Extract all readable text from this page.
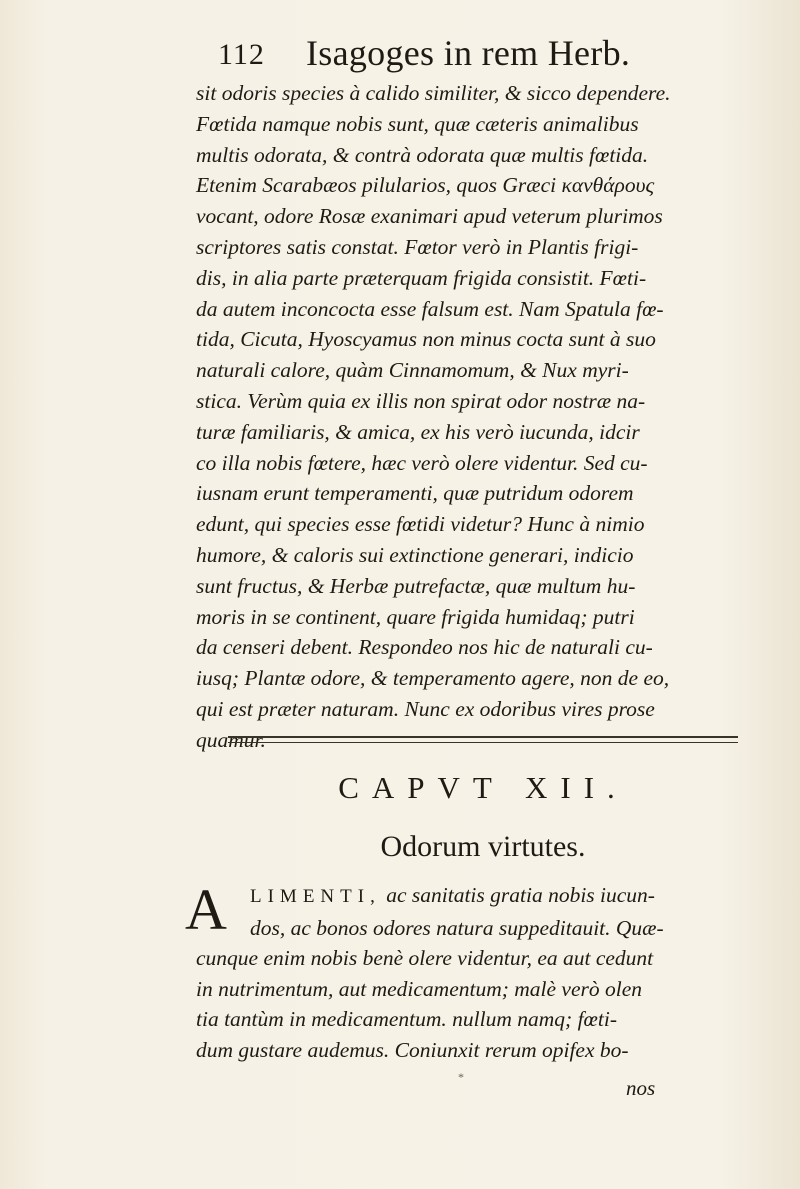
112 Isagoges in rem Herb.
sit odoris species à calido similiter, & sicco dependere.
Fœtida namque nobis sunt, quæ cæteris animalibus
multis odorata, & contrà odorata quæ multis fœtida.
Etenim Scarabæos pilularios, quos Græci κανθάρους
vocant, odore Rosæ exanimari apud veterum plurimos
scriptores satis constat. Fœtor verò in Plantis frigi-
dis, in alia parte præterquam frigida consistit. Fœti-
da autem inconcocta esse falsum est. Nam Spatula fœ-
tida, Cicuta, Hyoscyamus non minus cocta sunt à suo
naturali calore, quàm Cinnamomum, & Nux myri-
stica. Verùm quia ex illis non spirat odor nostræ na-
turæ familiaris, & amica, ex his verò iucunda, idcir
co illa nobis fœtere, hæc verò olere videntur. Sed cu-
iusnam erunt temperamenti, quæ putridum odorem
edunt, qui species esse fœtidi videtur? Hunc à nimio
humore, & caloris sui extinctione generari, indicio
sunt fructus, & Herbæ putrefactæ, quæ multum hu-
moris in se continent, quare frigida humidaq; putri
da censeri debent. Respondeo nos hic de naturali cu-
iusq; Plantæ odore, & temperamento agere, non de eo,
qui est præter naturam. Nunc ex odoribus vires prose
quamur.
CAPVT XII.
Odorum virtutes.
A	LIMENTI, ac sanitatis gratia nobis iucun-
dos, ac bonos odores natura suppeditauit. Quæ-
cunque enim nobis benè olere videntur, ea aut cedunt
in nutrimentum, aut medicamentum; malè verò olen
tia tantùm in medicamentum. nullum namq; fœti-
dum gustare audemus. Coniunxit rerum opifex bo-
*	nos
